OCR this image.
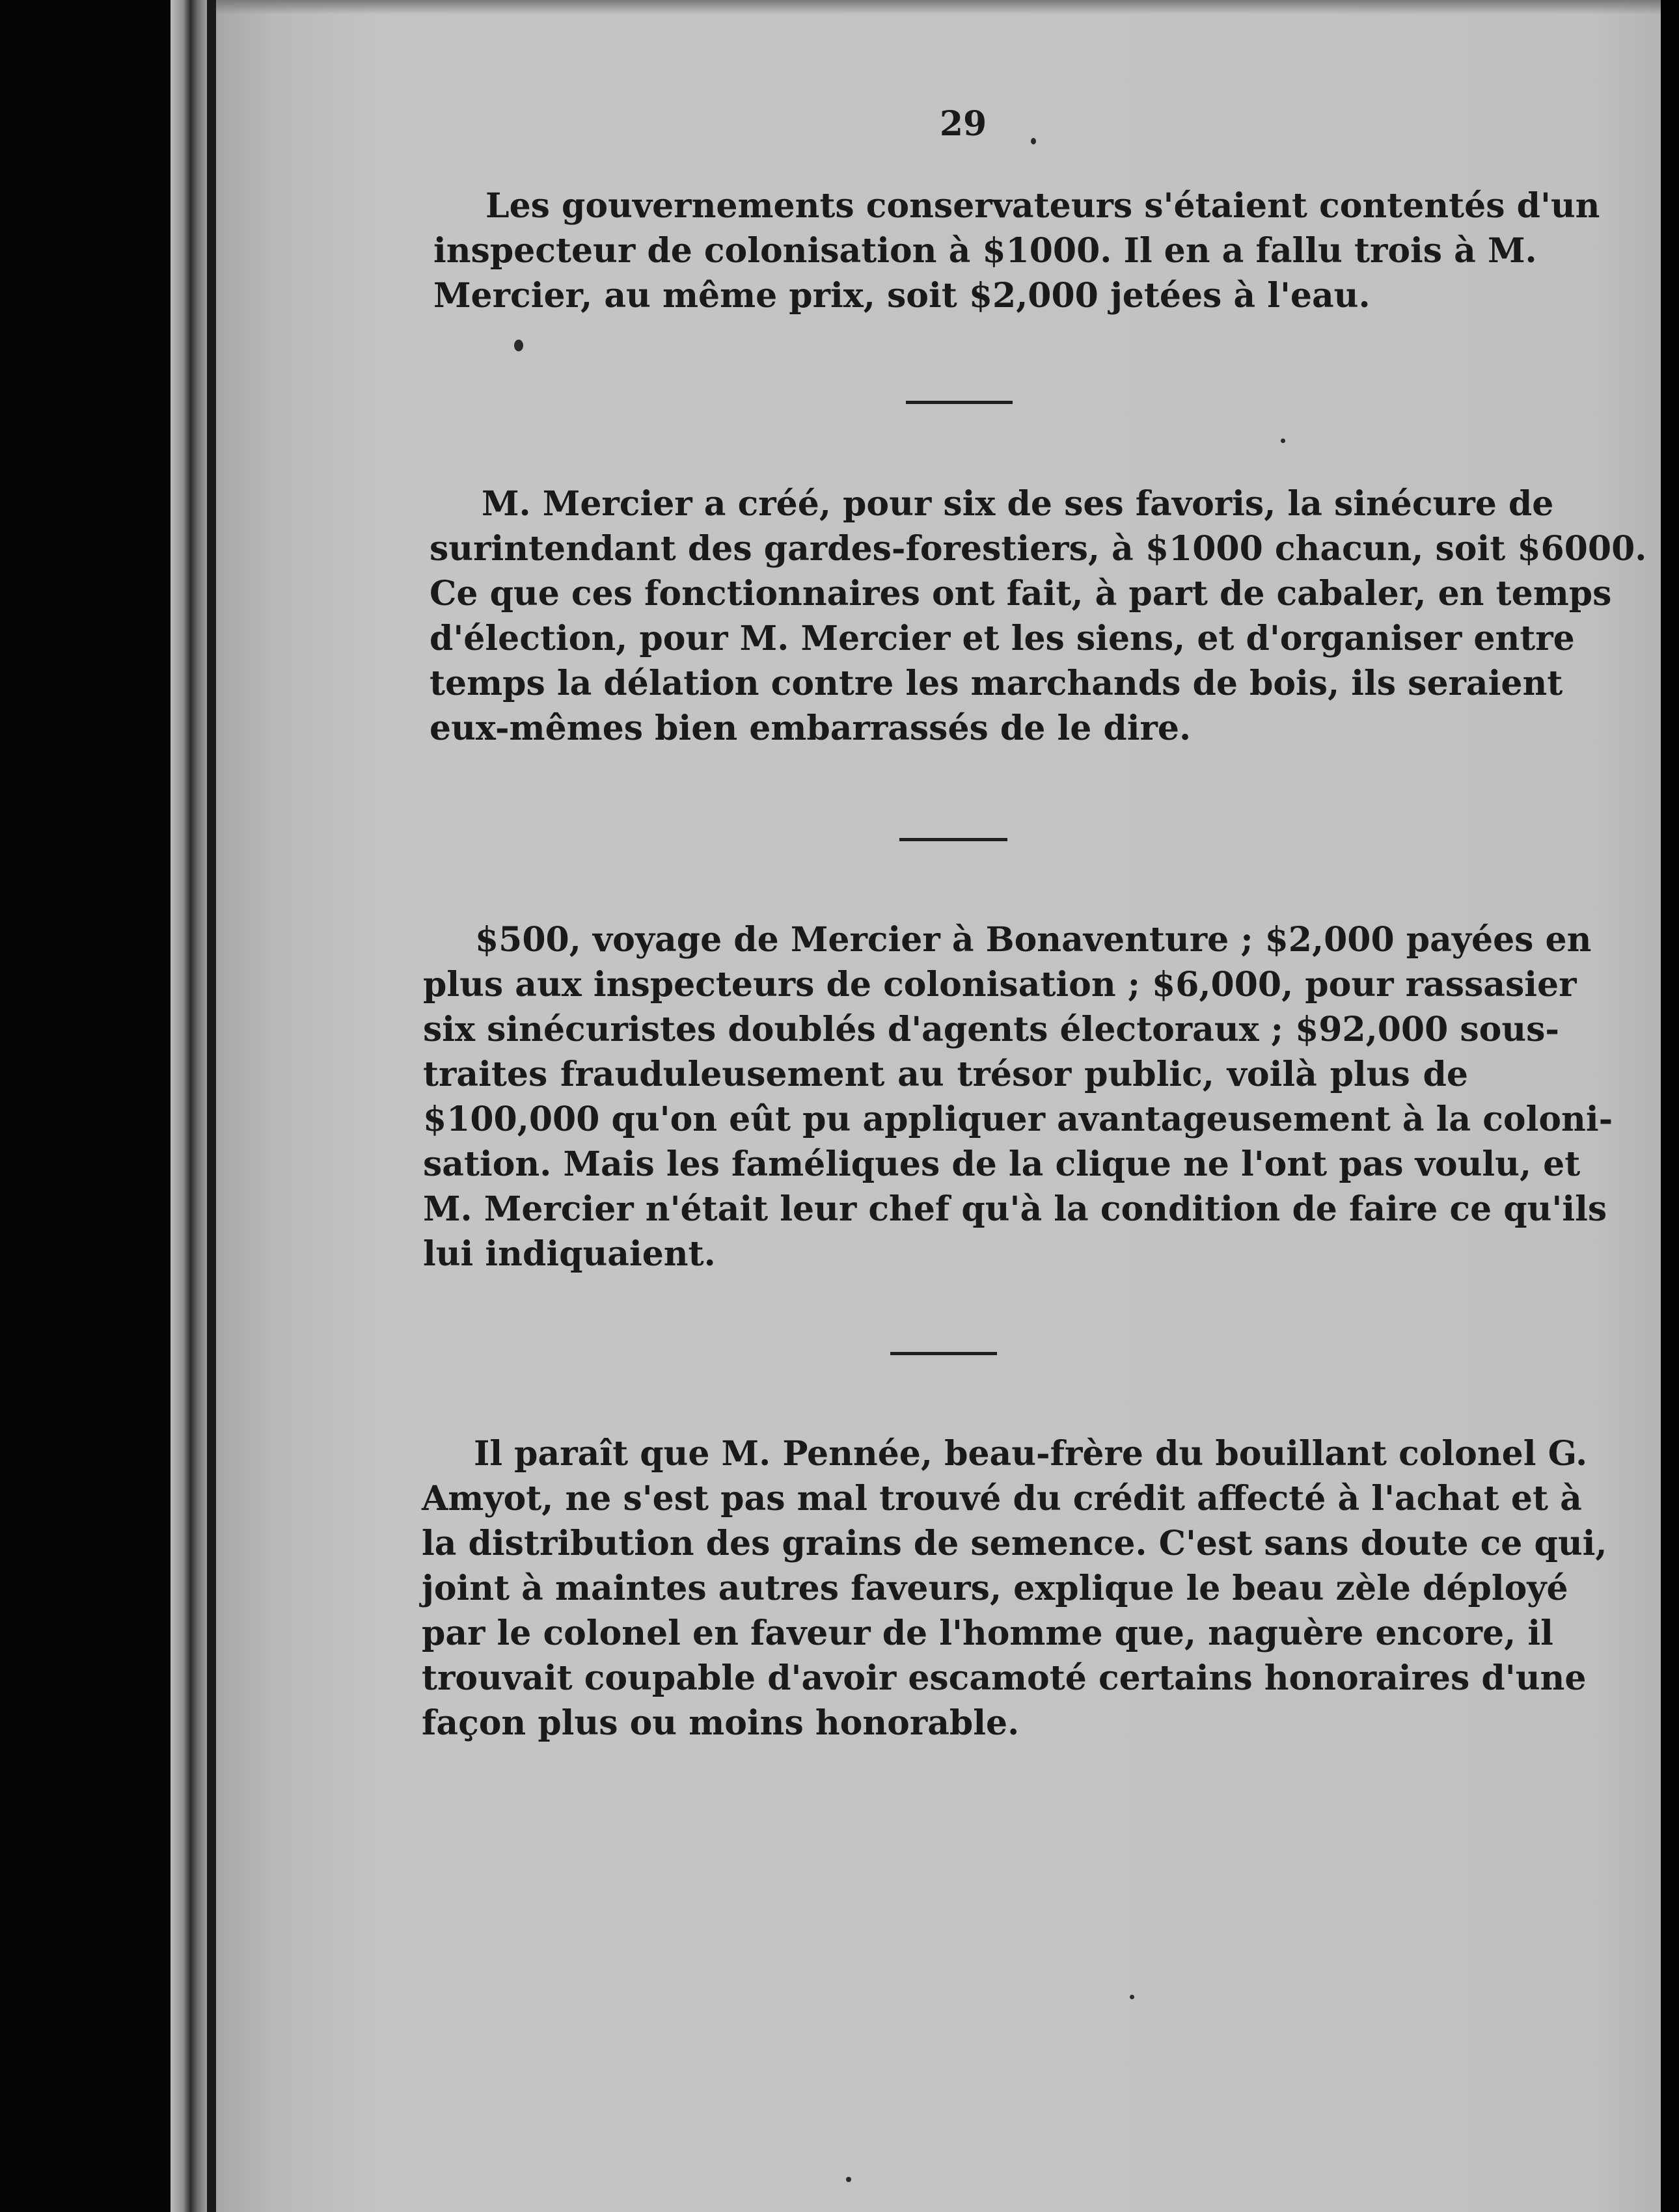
29
Les gouvernements conservateurs s'étaient contentés d'un
inspecteur de colonisation à $1000. Il en a fallu trois à M.
Mercier, au même prix, soit $2,000 jetées à l'eau.
M. Mercier a créé, pour six de ses favoris, la sinécure de
surintendant des gardes-forestiers, à $1000 chacun, soit $6000.
Ce que ces fonctionnaires ont fait, à part de cabaler, en temps
d'élection, pour M. Mercier et les siens, et d'organiser entre
temps la délation contre les marchands de bois, ils seraient
eux-mêmes bien embarrassés de le dire.
$500, voyage de Mercier à Bonaventure ; $2,000 payées en
plus aux inspecteurs de colonisation ; $6,000, pour rassasier
six sinécuristes doublés d'agents électoraux ; $92,000 sous-
traites frauduleusement au trésor public, voilà plus de
$100,000 qu'on eût pu appliquer avantageusement à la coloni-
sation. Mais les faméliques de la clique ne l'ont pas voulu, et
M. Mercier n'était leur chef qu'à la condition de faire ce qu'ils
lui indiquaient.
Il paraît que M. Pennée, beau-frère du bouillant colonel G.
Amyot, ne s'est pas mal trouvé du crédit affecté à l'achat et à
la distribution des grains de semence. C'est sans doute ce qui,
joint à maintes autres faveurs, explique le beau zèle déployé
par le colonel en faveur de l'homme que, naguère encore, il
trouvait coupable d'avoir escamoté certains honoraires d'une
façon plus ou moins honorable.
